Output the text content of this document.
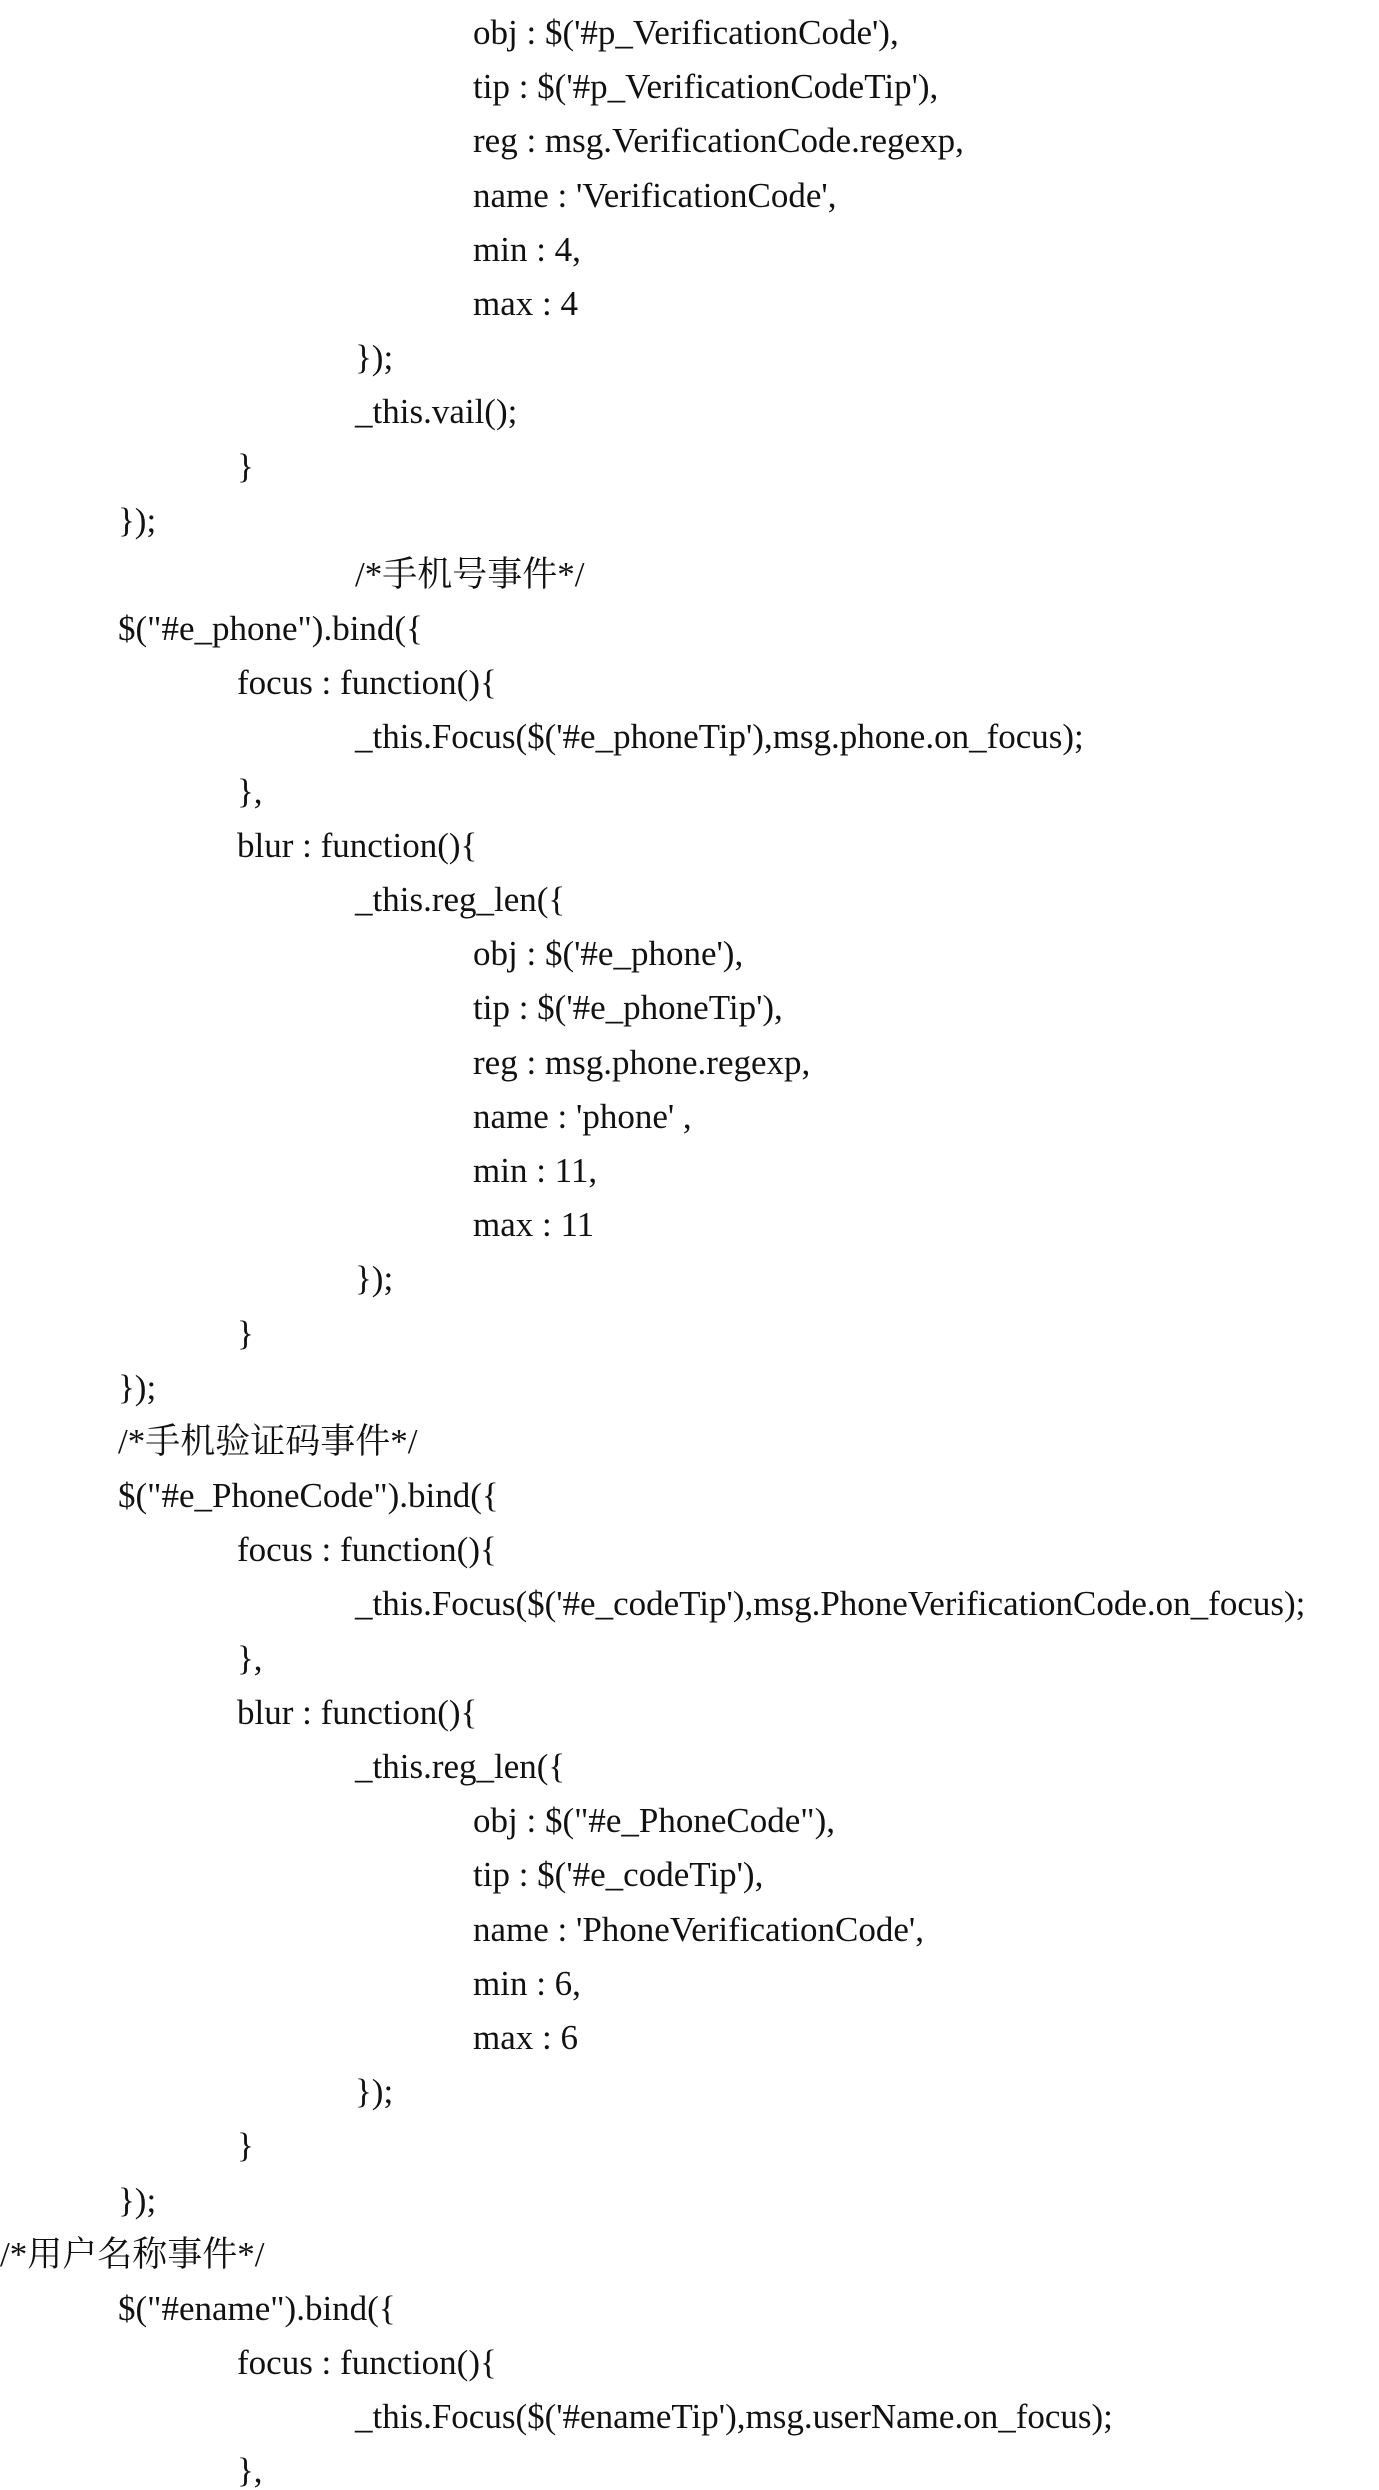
obj : $('#p_VerificationCode'),
tip : $('#p_VerificationCodeTip'),
reg : msg.VerificationCode.regexp,
name : 'VerificationCode',
min : 4,
max : 4
});
_this.vail();
}
});
/*手机号事件*/
$("#e_phone").bind({
focus : function(){
_this.Focus($('#e_phoneTip'),msg.phone.on_focus);
},
blur : function(){
_this.reg_len({
obj : $('#e_phone'),
tip : $('#e_phoneTip'),
reg : msg.phone.regexp,
name : 'phone' ,
min : 11,
max : 11
});
}
});
/*手机验证码事件*/
$("#e_PhoneCode").bind({
focus : function(){
_this.Focus($('#e_codeTip'),msg.PhoneVerificationCode.on_focus);
},
blur : function(){
_this.reg_len({
obj : $("#e_PhoneCode"),
tip : $('#e_codeTip'),
name : 'PhoneVerificationCode',
min : 6,
max : 6
});
}
});
/*用户名称事件*/
$("#ename").bind({
focus : function(){
_this.Focus($('#enameTip'),msg.userName.on_focus);
},
